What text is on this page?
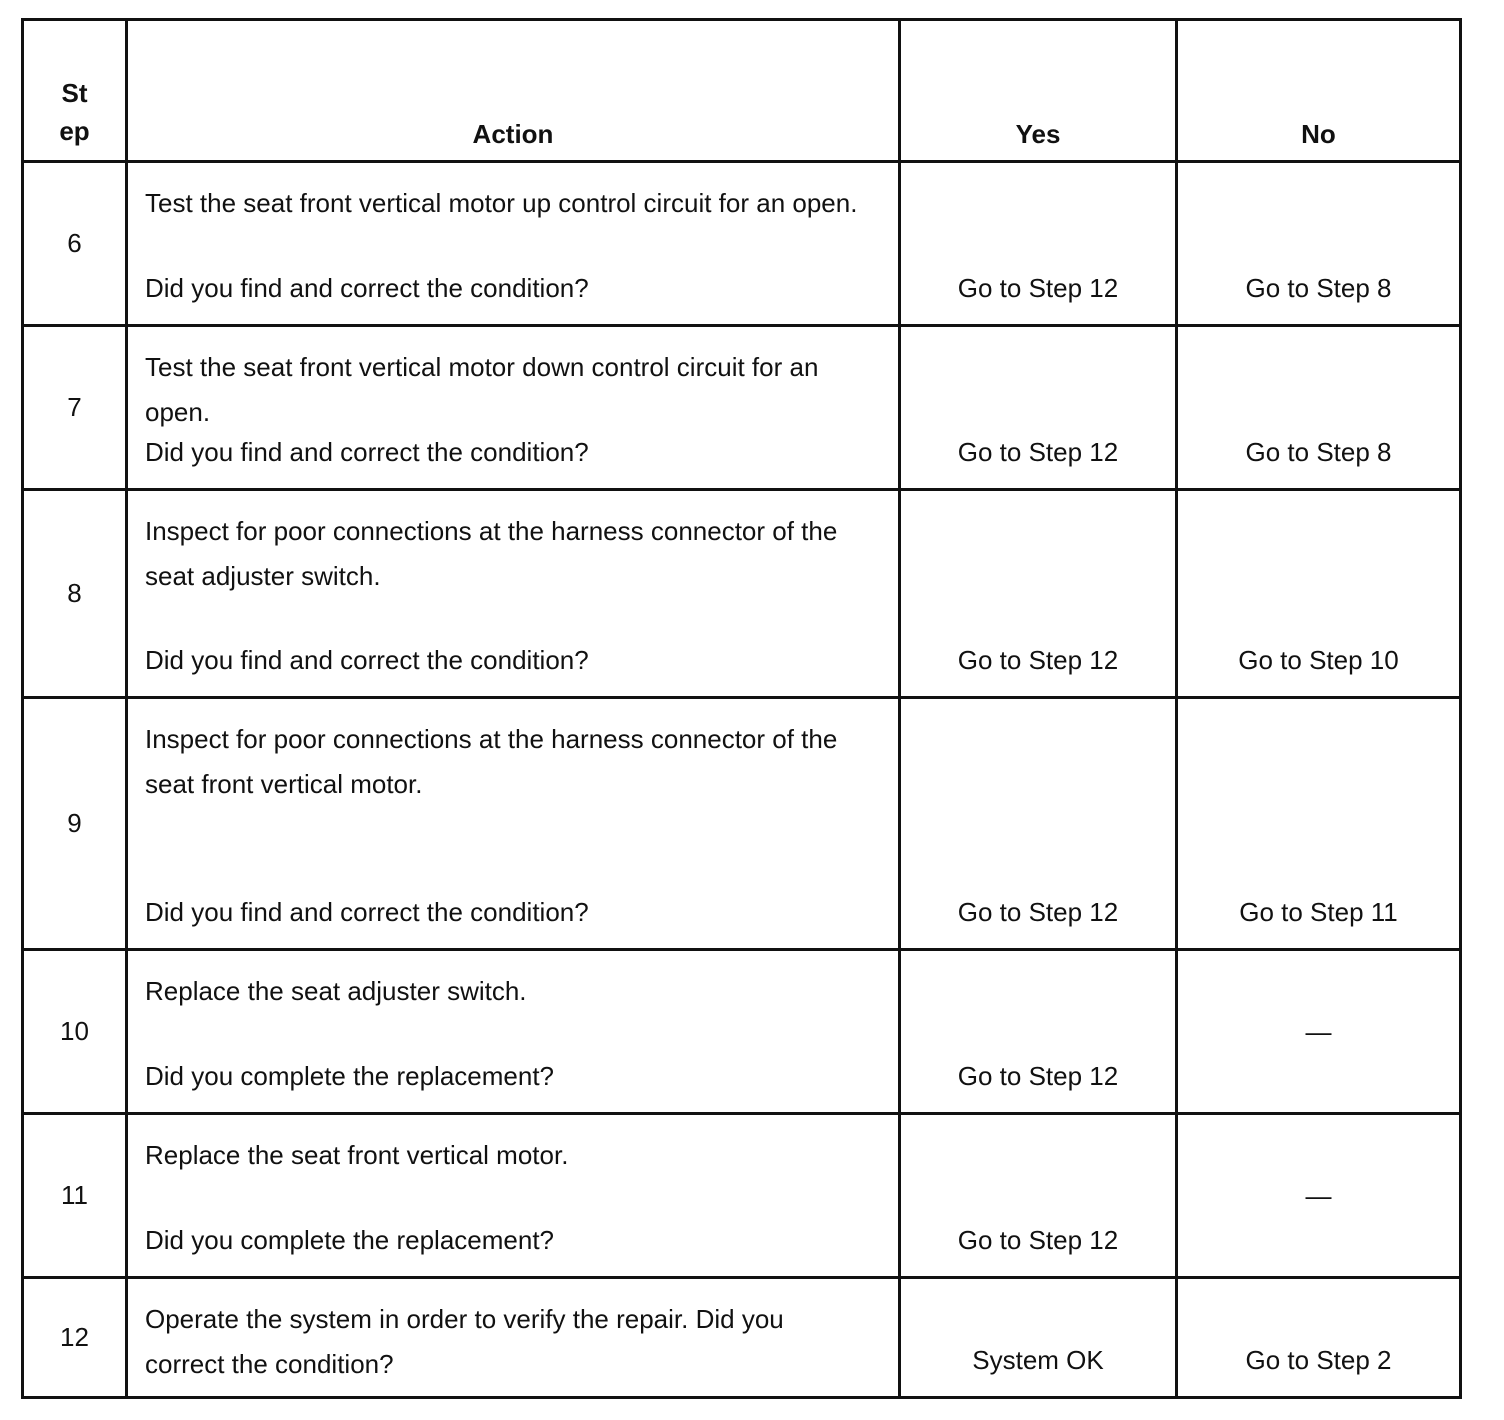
St
ep	Action	Yes	No
6	Test the seat front vertical motor up control circuit for an open.
Did you find and correct the condition?	Go to Step 12	Go to Step 8

7	Test the seat front vertical motor down control circuit for an open.
Did you find and correct the condition?	Go to Step 12	Go to Step 8

8	Inspect for poor connections at the harness connector of the seat adjuster switch.
Did you find and correct the condition?	Go to Step 12	Go to Step 10

9	Inspect for poor connections at the harness connector of the seat front vertical motor.
Did you find and correct the condition?	Go to Step 12	Go to Step 11

10	Replace the seat adjuster switch.
Did you complete the replacement?	Go to Step 12	—

11	Replace the seat front vertical motor.
Did you complete the replacement?	Go to Step 12	—

12	Operate the system in order to verify the repair. Did you correct the condition?	System OK	Go to Step 2
